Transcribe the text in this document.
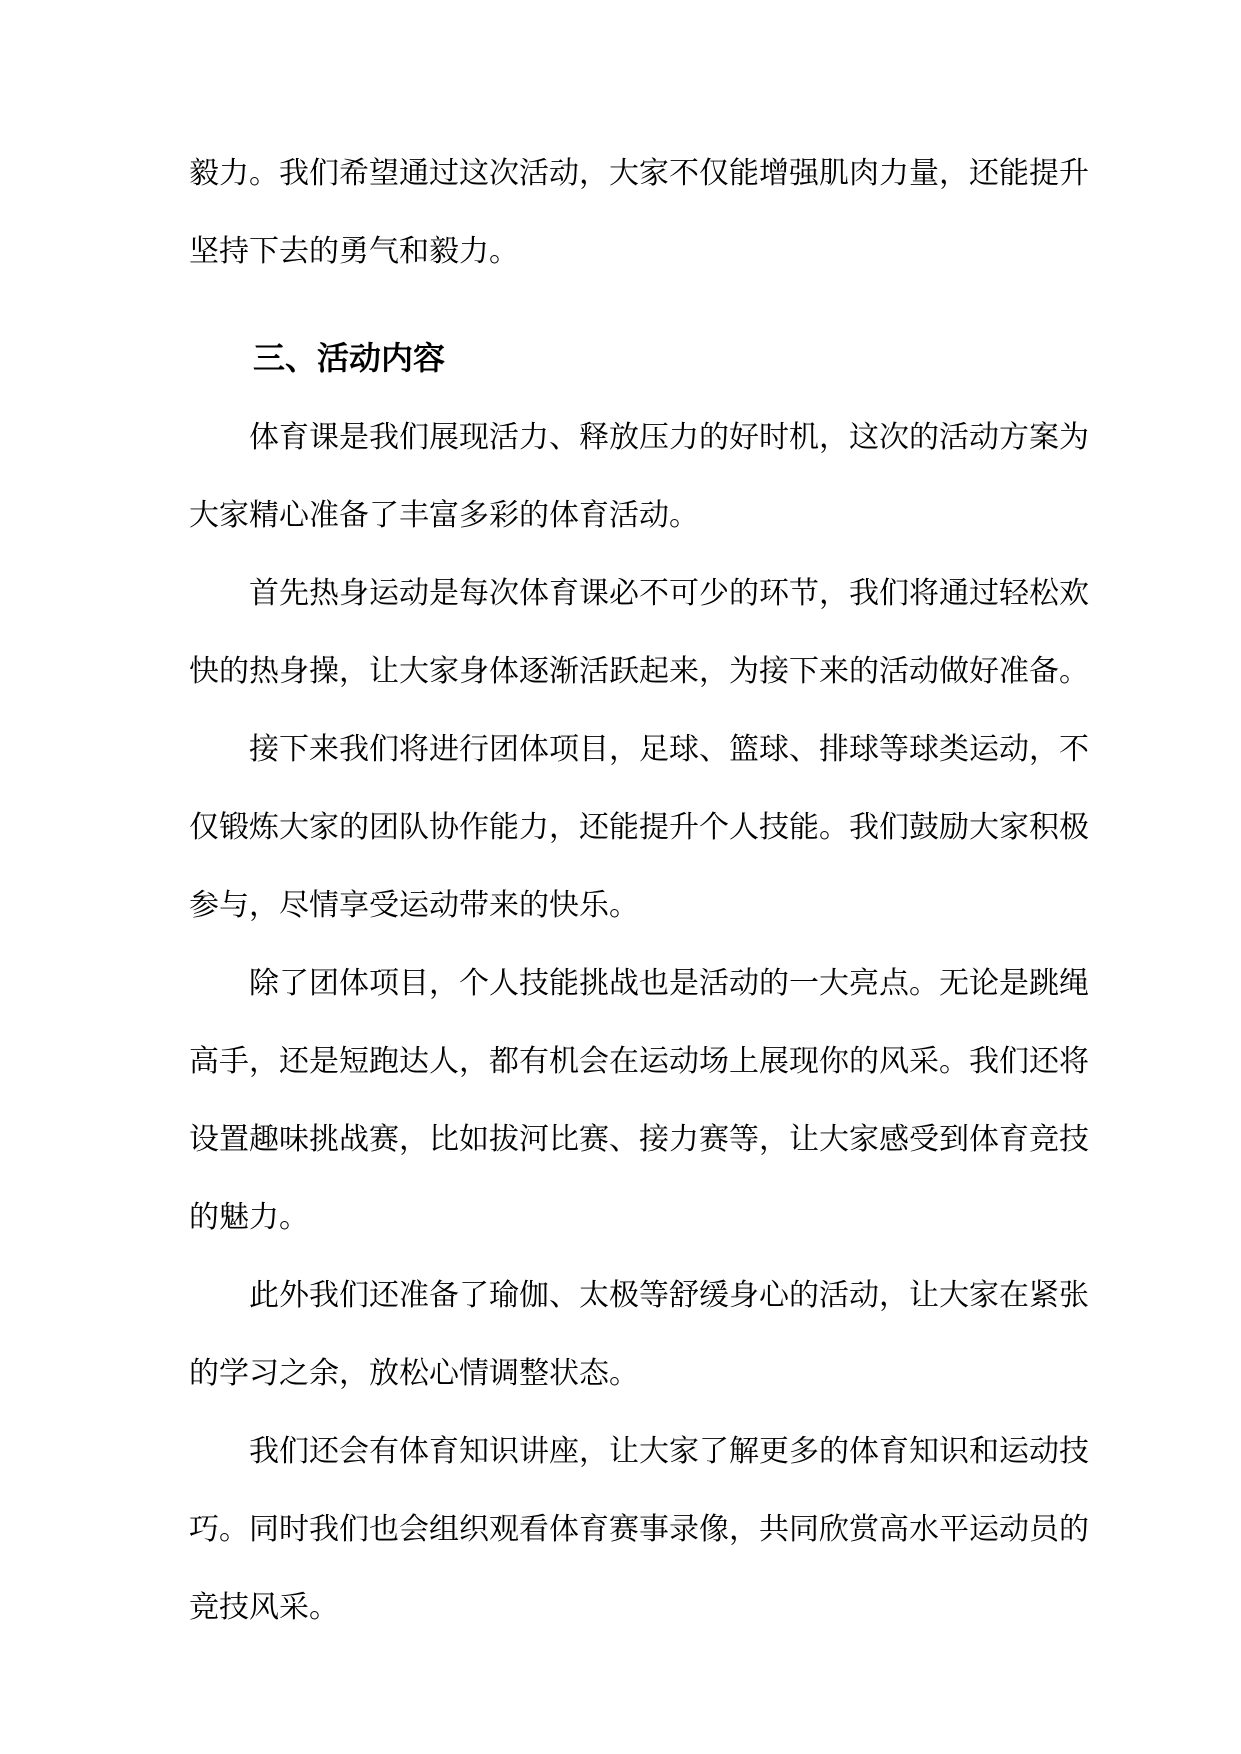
毅力。我们希望通过这次活动，大家不仅能增强肌肉力量，还能提升
坚持下去的勇气和毅力。
三、活动内容
体育课是我们展现活力、释放压力的好时机，这次的活动方案为
大家精心准备了丰富多彩的体育活动。
首先热身运动是每次体育课必不可少的环节，我们将通过轻松欢
快的热身操，让大家身体逐渐活跃起来，为接下来的活动做好准备。
接下来我们将进行团体项目，足球、篮球、排球等球类运动，不
仅锻炼大家的团队协作能力，还能提升个人技能。我们鼓励大家积极
参与，尽情享受运动带来的快乐。
除了团体项目，个人技能挑战也是活动的一大亮点。无论是跳绳
高手，还是短跑达人，都有机会在运动场上展现你的风采。我们还将
设置趣味挑战赛，比如拔河比赛、接力赛等，让大家感受到体育竞技
的魅力。
此外我们还准备了瑜伽、太极等舒缓身心的活动，让大家在紧张
的学习之余，放松心情调整状态。
我们还会有体育知识讲座，让大家了解更多的体育知识和运动技
巧。同时我们也会组织观看体育赛事录像，共同欣赏高水平运动员的
竞技风采。
